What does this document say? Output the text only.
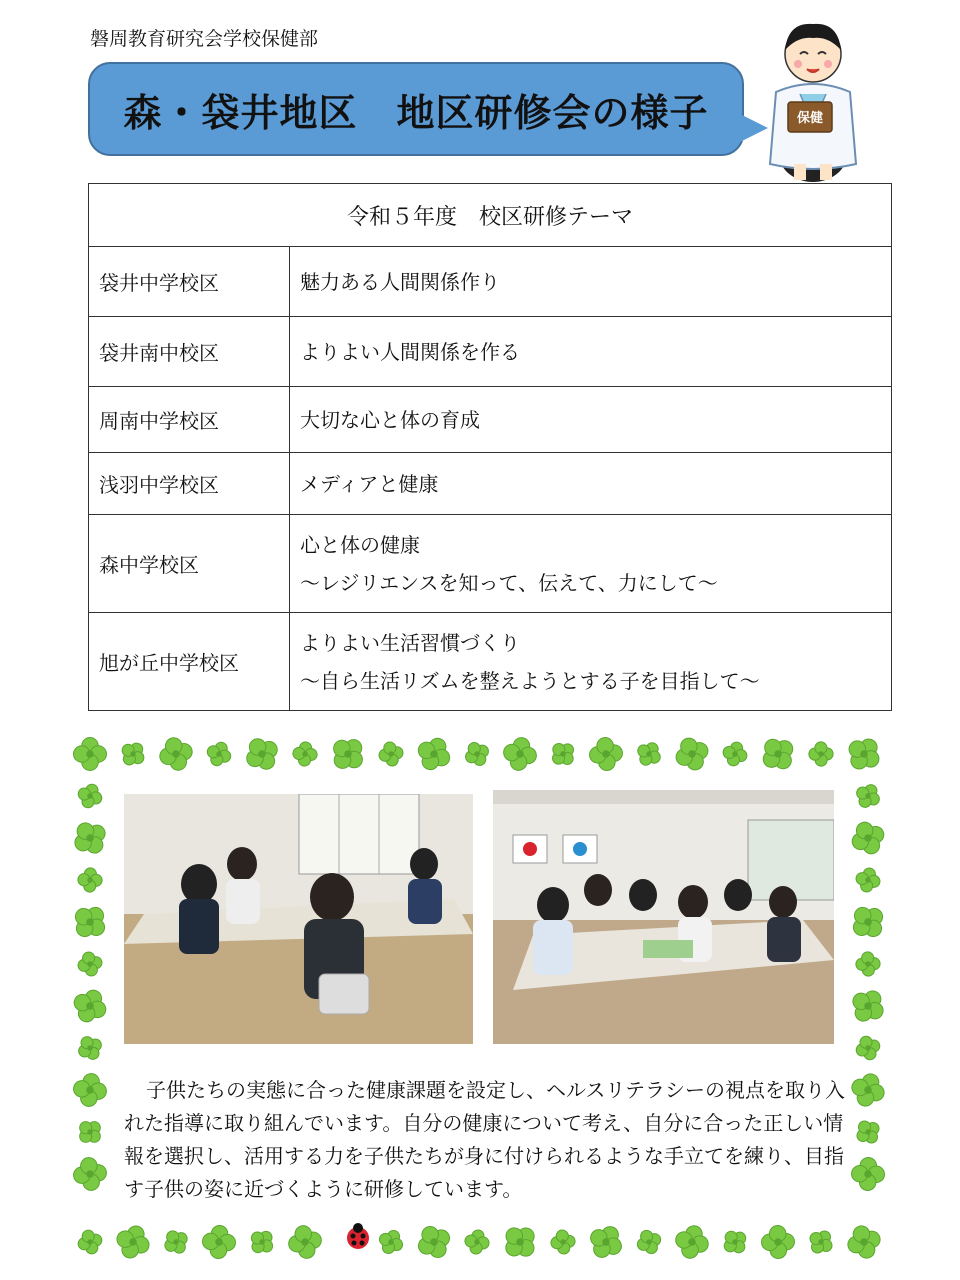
磐周教育研究会学校保健部
森・袋井地区　地区研修会の様子	保健
令和５年度　校区研修テーマ	
袋井中学校区	魅力ある人間関係作り

袋井南中校区	よりよい人間関係を作る

周南中学校区	大切な心と体の育成

浅羽中学校区	メディアと健康

森中学校区	心と体の健康
～レジリエンスを知って、伝えて、力にして～

旭が丘中学校区	よりよい生活習慣づくり
～自ら生活リズムを整えようとする子を目指して～
子供たちの実態に合った健康課題を設定し、ヘルスリテラシーの視点を取り入れた指導に取り組んでいます。自分の健康について考え、自分に合った正しい情報を選択し、活用する力を子供たちが身に付けられるような手立てを練り、目指す子供の姿に近づくように研修しています。
